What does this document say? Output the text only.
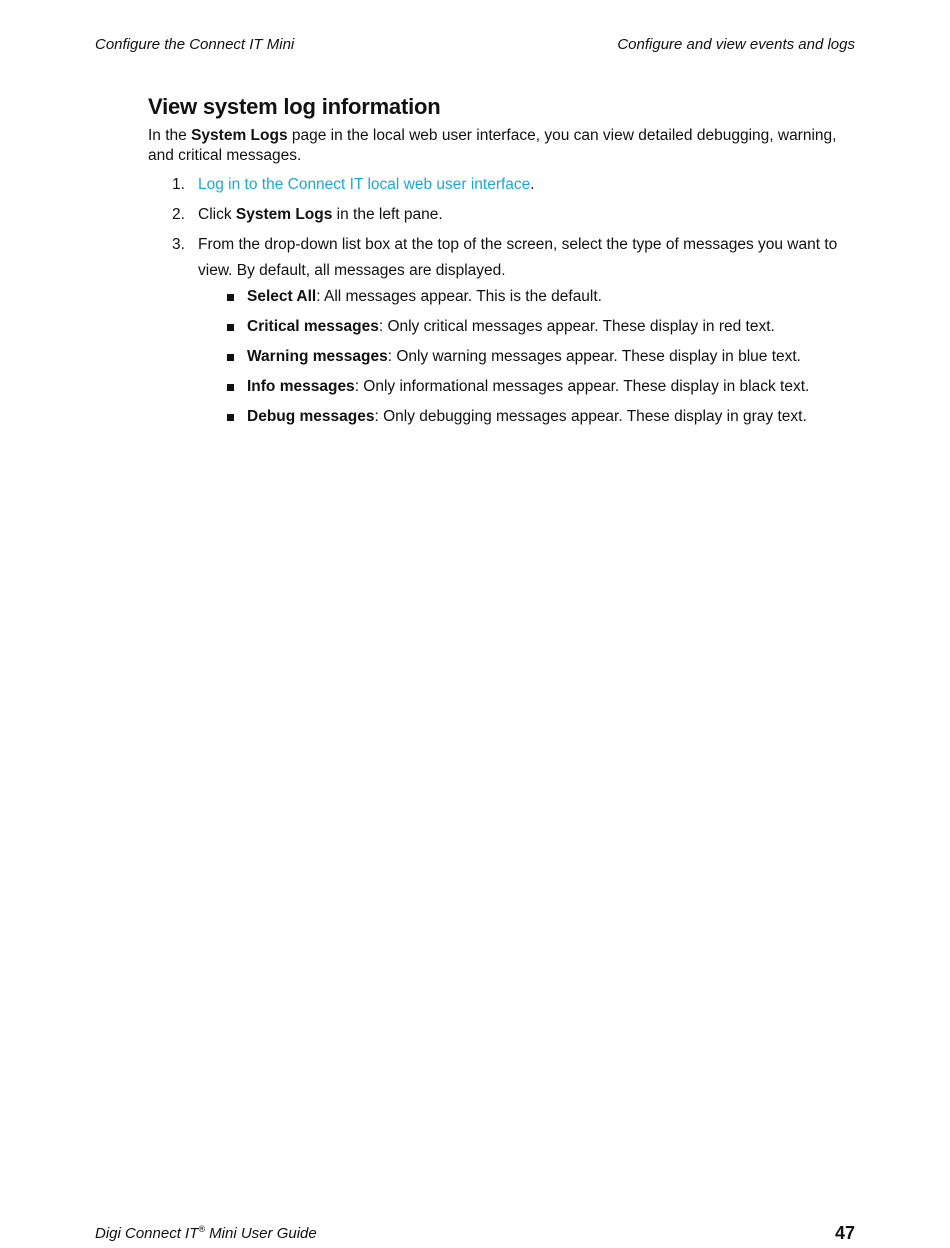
Configure the Connect IT Mini	Configure and view events and logs
View system log information

In the System Logs page in the local web user interface, you can view detailed debugging, warning, and critical messages.

1. Log in to the Connect IT local web user interface.
2. Click System Logs in the left pane.
3. From the drop-down list box at the top of the screen, select the type of messages you want to view. By default, all messages are displayed.
Select All: All messages appear. This is the default.
Critical messages: Only critical messages appear. These display in red text.
Warning messages: Only warning messages appear. These display in blue text.
Info messages: Only informational messages appear. These display in black text.
Debug messages: Only debugging messages appear. These display in gray text.
Digi Connect IT® Mini User Guide	47
